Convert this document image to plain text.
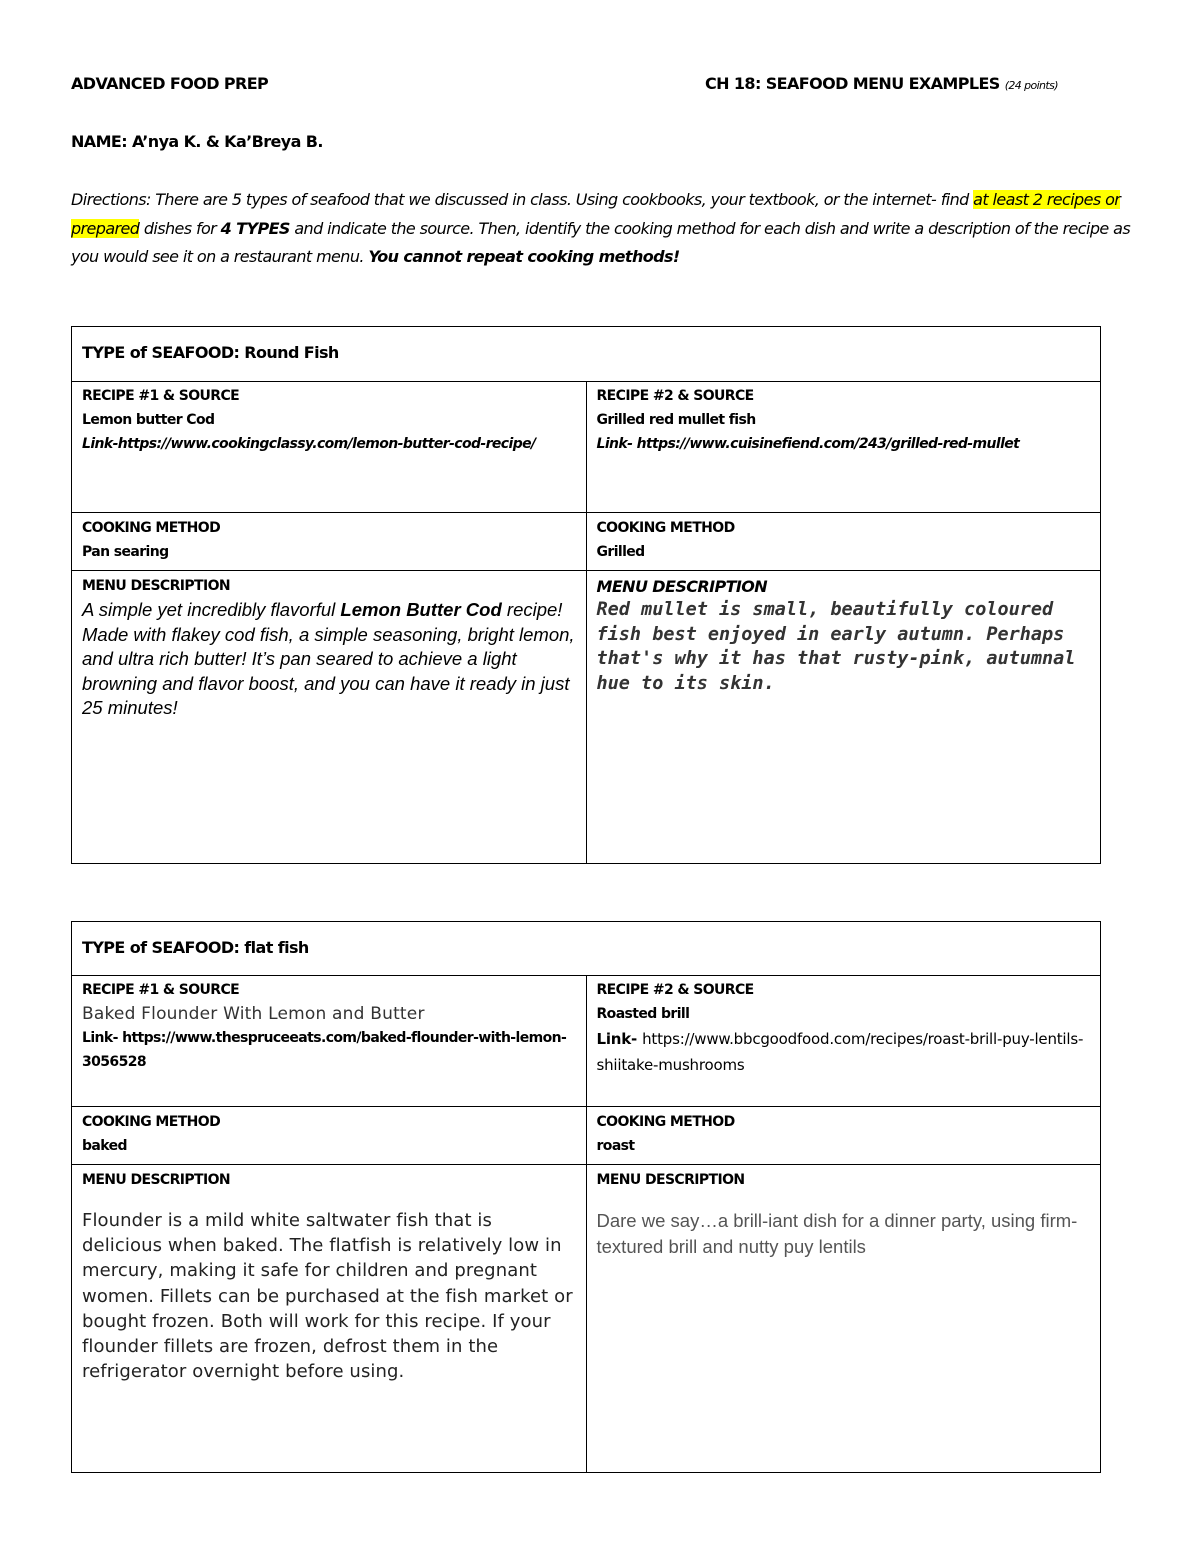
ADVANCED FOOD PREP	CH 18: SEAFOOD MENU EXAMPLES (24 points)
NAME: A’nya K. & Ka’Breya B.
Directions: There are 5 types of seafood that we discussed in class. Using cookbooks, your textbook, or the internet- find at least 2 recipes or prepared dishes for 4 TYPES and indicate the source. Then, identify the cooking method for each dish and write a description of the recipe as you would see it on a restaurant menu. You cannot repeat cooking methods!
TYPE of SEAFOOD: Round Fish	

RECIPE #1 & SOURCE
Lemon butter Cod
Link-https://www.cookingclassy.com/lemon-butter-cod-recipe/	RECIPE #2 & SOURCE
Grilled red mullet fish
Link- https://www.cuisinefiend.com/243/grilled-red-mullet

COOKING METHOD
Pan searing	COOKING METHOD
Grilled

MENU DESCRIPTION
A simple yet incredibly flavorful Lemon Butter Cod recipe! Made with flakey cod fish, a simple seasoning, bright lemon, and ultra rich butter! It’s pan seared to achieve a light browning and flavor boost, and you can have it ready in just 25 minutes!	MENU DESCRIPTION
Red mullet is small, beautifully coloured fish best enjoyed in early autumn. Perhaps that's why it has that rusty-pink, autumnal hue to its skin.
TYPE of SEAFOOD: flat fish	

RECIPE #1 & SOURCE
Baked Flounder With Lemon and Butter
Link- https://www.thespruceeats.com/baked-flounder-with-lemon-3056528	RECIPE #2 & SOURCE
Roasted brill
Link- https://www.bbcgoodfood.com/recipes/roast-brill-puy-lentils-shiitake-mushrooms

COOKING METHOD
baked	COOKING METHOD
roast

MENU DESCRIPTION
Flounder is a mild white saltwater fish that is delicious when baked. The flatfish is relatively low in mercury, making it safe for children and pregnant women. Fillets can be purchased at the fish market or bought frozen. Both will work for this recipe. If your flounder fillets are frozen, defrost them in the refrigerator overnight before using.	MENU DESCRIPTION
Dare we say…a brill-iant dish for a dinner party, using firm-textured brill and nutty puy lentils
